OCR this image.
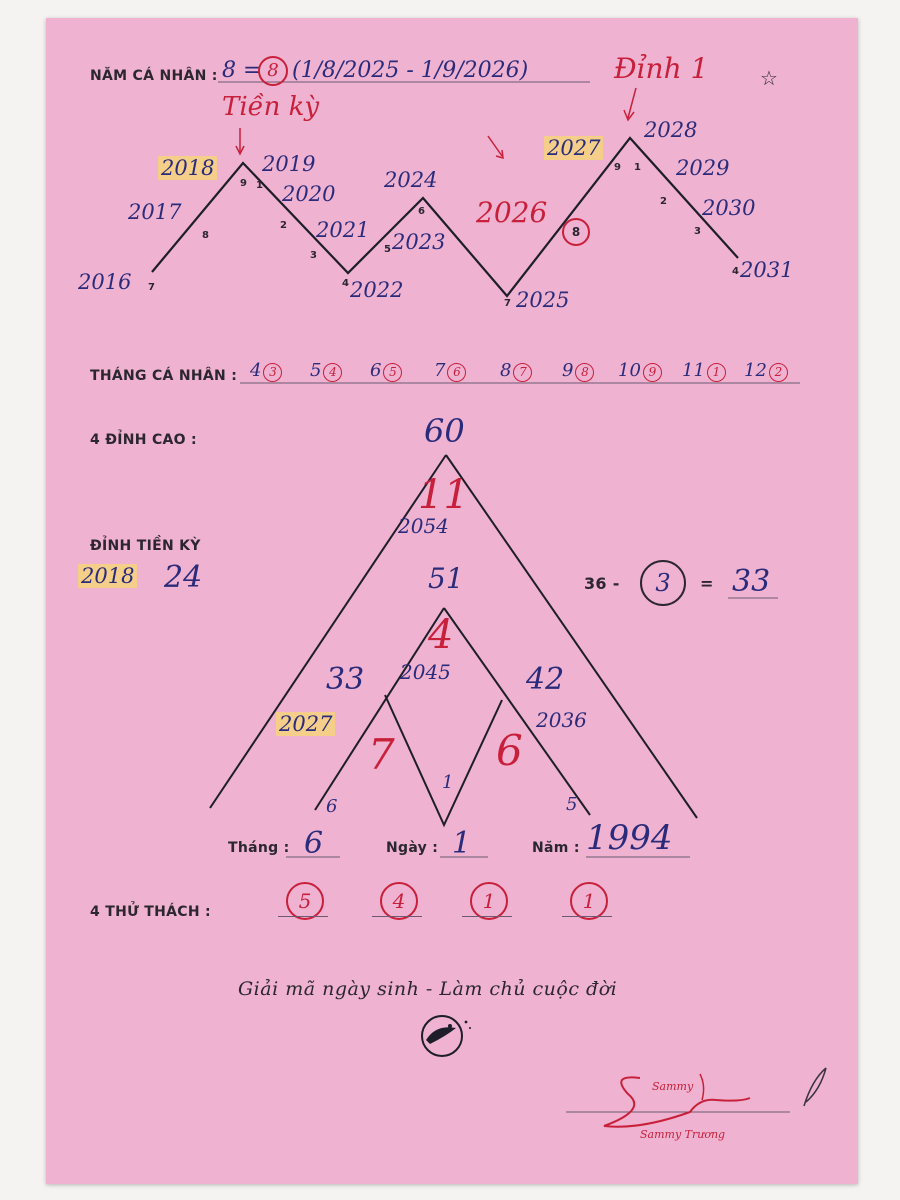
NĂM CÁ NHÂN : 8 = 8 (1/8/2025 - 1/9/2026)	Đỉnh 1	☆
Tiền kỳ
2016 7
2017
8
2018
9
2019
1 2020
2 2021
3
2022
4
2023
5
2024
6
2025
7
2026
8
2027
9
2028
1 2029
2 2030
3
2031
4
THÁNG CÁ NHÂN : 4 3	5 4	6 5	7 6	8 7	9 8	10 9	11 1	12 2
4 ĐỈNH CAO :	60
11
2054
51
4
2045
33
2027
7
42
2036
6
6
1
5
ĐỈNH TIỀN KỲ
2018 24	36 -	3	= 33
Tháng : 6	Ngày : 1	Năm : 1994
4 THỬ THÁCH :	5	4	1	1
Giải mã ngày sinh - Làm chủ cuộc đời
Sammy
Sammy Trương
